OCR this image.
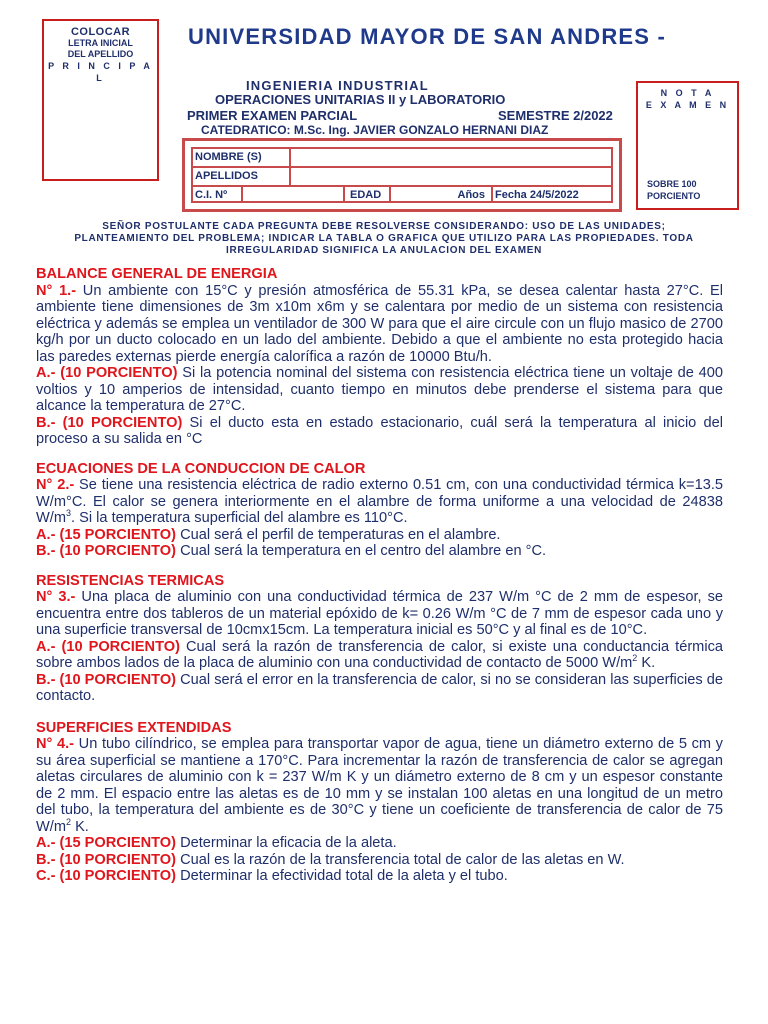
COLOCAR
LETRA INICIAL
DEL APELLIDO
P R I N C I P A L
UNIVERSIDAD MAYOR DE SAN ANDRES -
INGENIERIA INDUSTRIAL
OPERACIONES UNITARIAS II y LABORATORIO
PRIMER EXAMEN PARCIAL	SEMESTRE 2/2022
CATEDRATICO: M.Sc. Ing. JAVIER GONZALO HERNANI DIAZ
N O T A
E X A M E N
SOBRE 100
PORCIENTO
NOMBRE (S)
APELLIDOS
C.I. Nº	EDAD	Años Fecha 24/5/2022
SEÑOR POSTULANTE CADA PREGUNTA DEBE RESOLVERSE CONSIDERANDO: USO DE LAS UNIDADES;
PLANTEAMIENTO DEL PROBLEMA; INDICAR LA TABLA O GRAFICA QUE UTILIZO PARA LAS PROPIEDADES. TODA
IRREGULARIDAD SIGNIFICA LA ANULACION DEL EXAMEN

BALANCE GENERAL DE ENERGIA

N° 1.- Un ambiente con 15°C y presión atmosférica de 55.31 kPa, se desea calentar hasta 27°C. El ambiente tiene dimensiones de 3m x10m x6m y se calentara por medio de un sistema con resistencia eléctrica y además se emplea un ventilador de 300 W para que el aire circule con un flujo masico de 2700 kg/h por un ducto colocado en un lado del ambiente. Debido a que el ambiente no esta protegido hacia las paredes externas pierde energía calorífica a razón de 10000 Btu/h.

A.- (10 PORCIENTO) Si la potencia nominal del sistema con resistencia eléctrica tiene un voltaje de 400 voltios y 10 amperios de intensidad, cuanto tiempo en minutos debe prenderse el sistema para que alcance la temperatura de 27°C.

B.- (10 PORCIENTO) Si el ducto esta en estado estacionario, cuál será la temperatura al inicio del proceso a su salida en °C

ECUACIONES DE LA CONDUCCION DE CALOR

N° 2.- Se tiene una resistencia eléctrica de radio externo 0.51 cm, con una conductividad térmica k=13.5 W/m°C. El calor se genera interiormente en el alambre de forma uniforme a una velocidad de 24838 $W/m^3$. Si la temperatura superficial del alambre es 110°C.

A.- (15 PORCIENTO) Cual será el perfil de temperaturas en el alambre.

B.- (10 PORCIENTO) Cual será la temperatura en el centro del alambre en °C.

RESISTENCIAS TERMICAS

N° 3.- Una placa de aluminio con una conductividad térmica de 237 W/m °C de 2 mm de espesor, se encuentra entre dos tableros de un material epóxido de k= 0.26 W/m °C de 7 mm de espesor cada uno y una superficie transversal de 10cmx15cm. La temperatura inicial es 50°C y al final es de 10°C.

A.- (10 PORCIENTO) Cual será la razón de transferencia de calor, si existe una conductancia térmica sobre ambos lados de la placa de aluminio con una conductividad de contacto de 5000 $W/m^2$ K.

B.- (10 PORCIENTO) Cual será el error en la transferencia de calor, si no se consideran las superficies de contacto.

SUPERFICIES EXTENDIDAS

N° 4.- Un tubo cilíndrico, se emplea para transportar vapor de agua, tiene un diámetro externo de 5 cm y su área superficial se mantiene a 170°C. Para incrementar la razón de transferencia de calor se agregan aletas circulares de aluminio con k = 237 W/m K y un diámetro externo de 8 cm y un espesor constante de 2 mm. El espacio entre las aletas es de 10 mm y se instalan 100 aletas en una longitud de un metro del tubo, la temperatura del ambiente es de 30°C y tiene un coeficiente de transferencia de calor de 75 $W/m^2$ K.

A.- (15 PORCIENTO) Determinar la eficacia de la aleta.

B.- (10 PORCIENTO) Cual es la razón de la transferencia total de calor de las aletas en W.

C.- (10 PORCIENTO) Determinar la efectividad total de la aleta y el tubo.
